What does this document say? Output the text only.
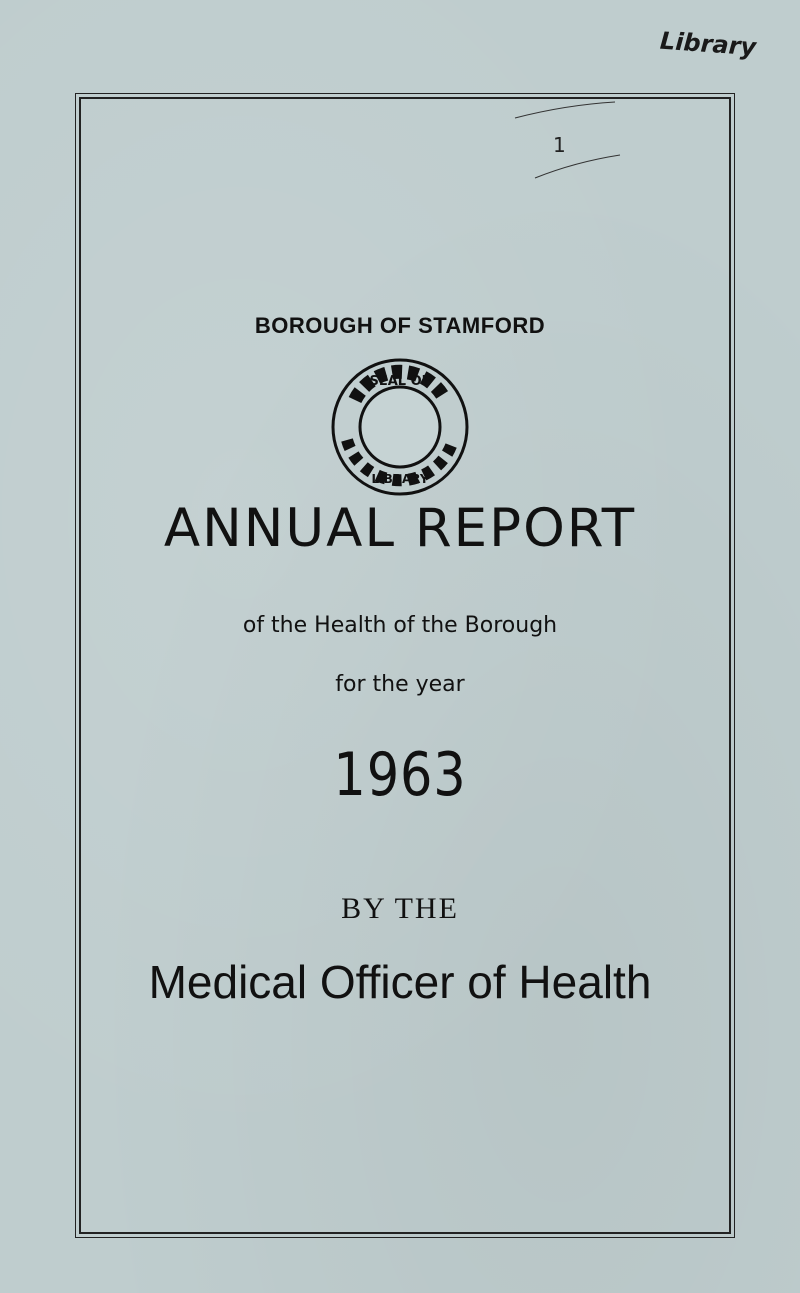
Library
1
BOROUGH OF STAMFORD
SEAL OF
LIBRARY
ANNUAL REPORT
of the Health of the Borough
for the year
1963
BY THE
Medical Officer of Health
